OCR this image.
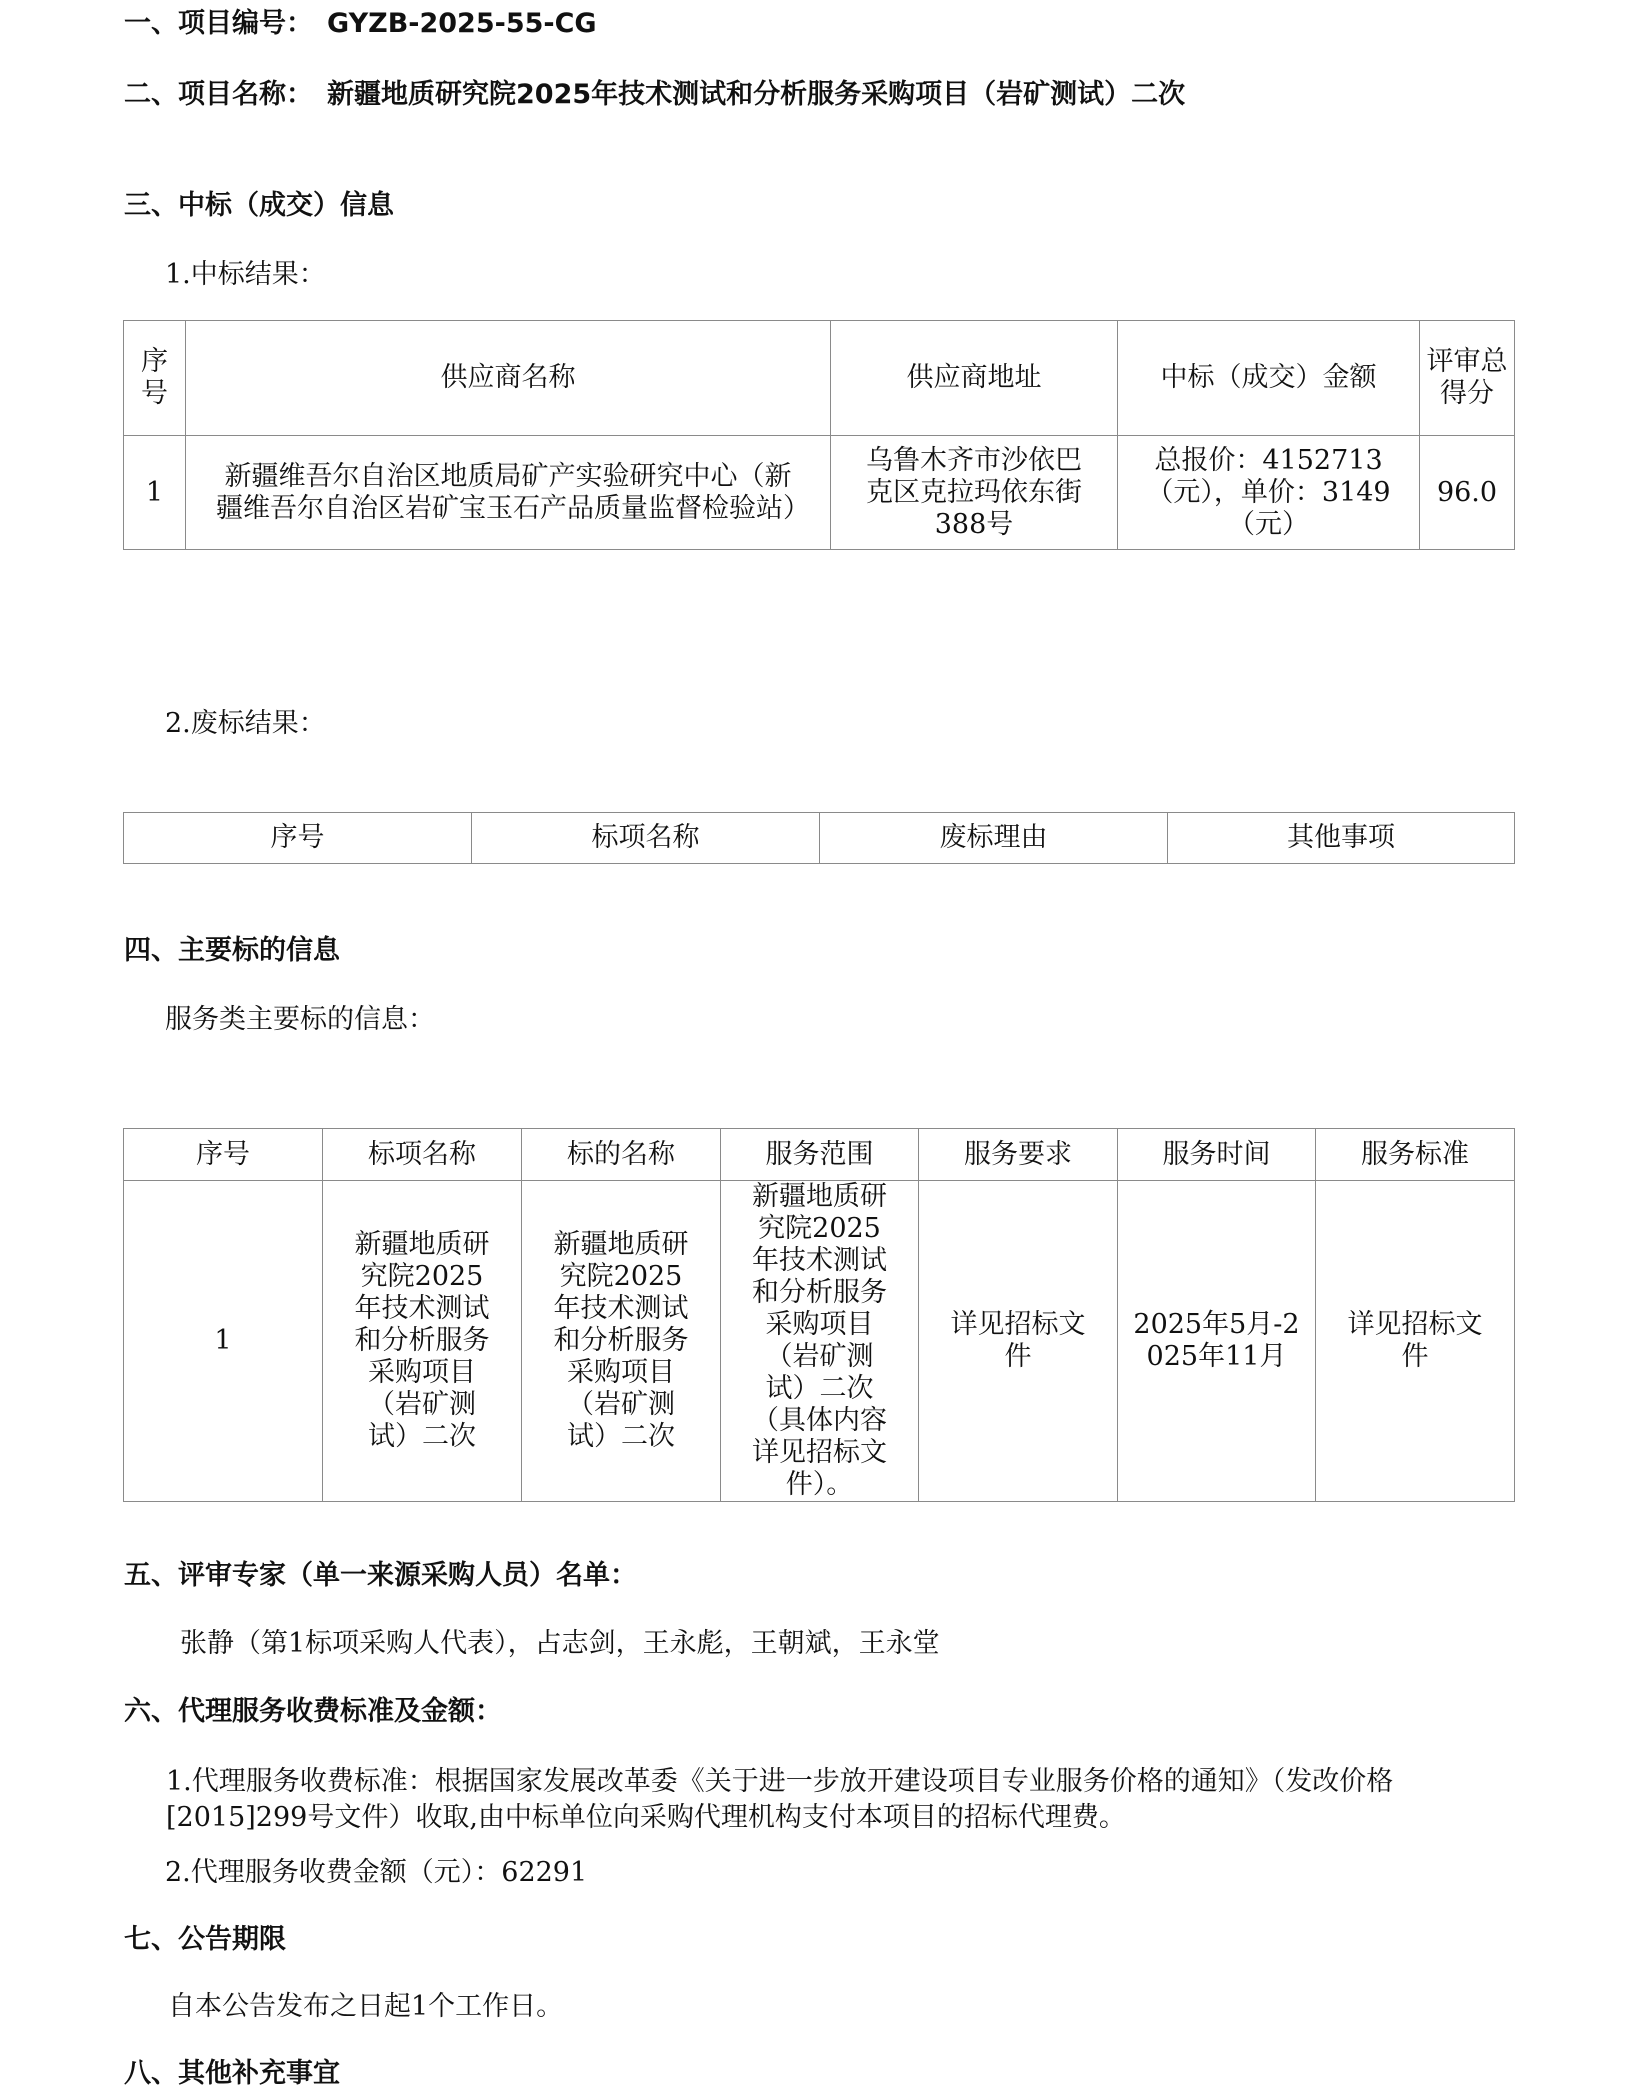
一、项目编号： GYZB-2025-55-CG
二、项目名称： 新疆地质研究院2025年技术测试和分析服务采购项目（岩矿测试）二次
三、中标（成交）信息
1.中标结果：
序号	供应商名称	供应商地址	中标（成交）金额	评审总得分
1	新疆维吾尔自治区地质局矿产实验研究中心（新疆维吾尔自治区岩矿宝玉石产品质量监督检验站）	乌鲁木齐市沙依巴克区克拉玛依东街388号	总报价：4152713（元），单价：3149（元）	96.0
2.废标结果：
序号	标项名称	废标理由	其他事项
四、主要标的信息
服务类主要标的信息：
序号	标项名称	标的名称	服务范围	服务要求	服务时间	服务标准
1	新疆地质研究院2025年技术测试和分析服务采购项目（岩矿测试）二次	新疆地质研究院2025年技术测试和分析服务采购项目（岩矿测试）二次	新疆地质研究院2025年技术测试和分析服务采购项目（岩矿测试）二次（具体内容详见招标文件）。	详见招标文件	2025年5月-2025年11月	详见招标文件
五、评审专家（单一来源采购人员）名单：
张静（第1标项采购人代表），占志剑，王永彪，王朝斌，王永堂
六、代理服务收费标准及金额：
1.代理服务收费标准：根据国家发展改革委《关于进一步放开建设项目专业服务价格的通知》（发改价格[2015]299号文件）收取,由中标单位向采购代理机构支付本项目的招标代理费。
2.代理服务收费金额（元）：62291
七、公告期限
自本公告发布之日起1个工作日。
八、其他补充事宜
